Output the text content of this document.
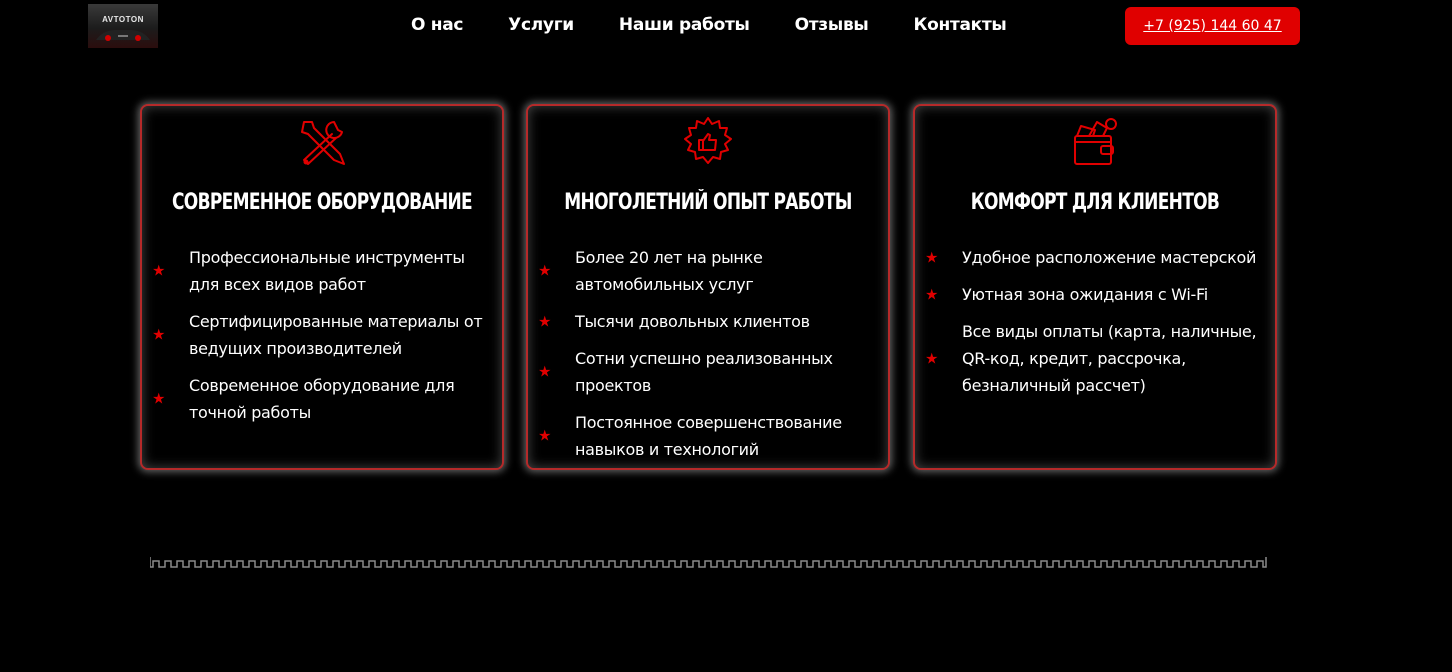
AVTOTON	О нас	Услуги	Наши работы	Отзывы	Контакты	+7 (925) 144 60 47
СОВРЕМЕННОЕ ОБОРУДОВАНИЕ
★
Профессиональные инструменты для всех видов работ
★
Сертифицированные материалы от ведущих производителей
★
Современное оборудование для точной работы
МНОГОЛЕТНИЙ ОПЫТ РАБОТЫ
★
Более 20 лет на рынке автомобильных услуг
★ Тысячи довольных клиентов
★
Сотни успешно реализованных проектов
★
Постоянное совершенствование навыков и технологий
КОМФОРТ ДЛЯ КЛИЕНТОВ
★ Удобное расположение мастерской
★ Уютная зона ожидания с Wi-Fi
★
Все виды оплаты (карта, наличные, QR-код, кредит, рассрочка, безналичный рассчет)
